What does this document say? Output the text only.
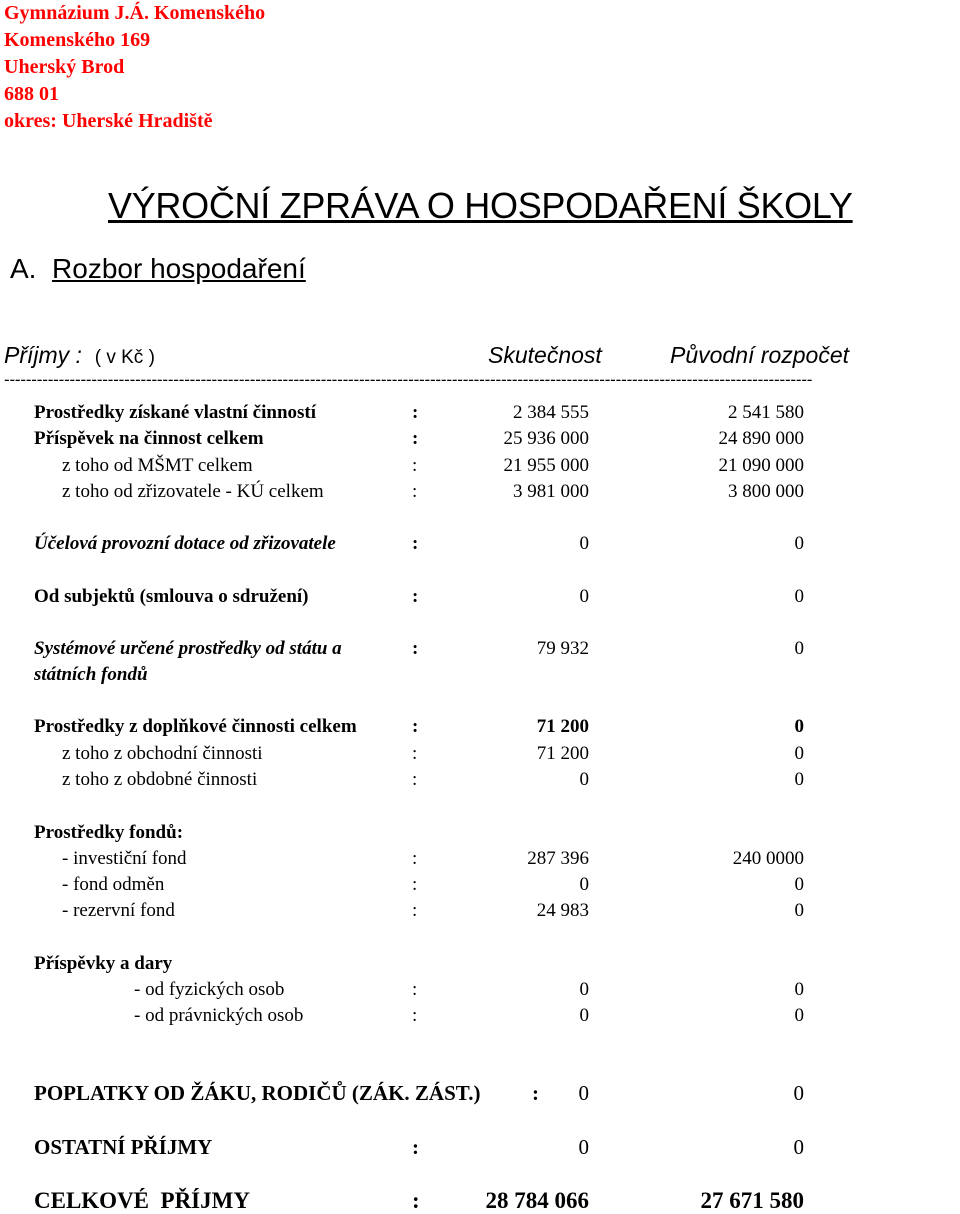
Gymnázium J.Á. Komenského
Komenského 169
Uherský Brod
688 01
okres: Uherské Hradiště
VÝROČNÍ ZPRÁVA O HOSPODAŘENÍ ŠKOLY
A. Rozbor hospodaření
Příjmy : ( v Kč )	Skutečnost	Původní rozpočet
----------------------------------------------------------------------------------------------------------------------------------------------------
Prostředky získané vlastní činností	:	2 384 555	2 541 580
Příspěvek na činnost celkem	:	25 936 000	24 890 000
z toho od MŠMT celkem	:	21 955 000	21 090 000
z toho od zřizovatele - KÚ celkem	:	3 981 000	3 800 000
Účelová provozní dotace od zřizovatele	:	0	0
Od subjektů (smlouva o sdružení)	:	0	0
Systémové určené prostředky od státu a	:	79 932	0
státních fondů
Prostředky z doplňkové činnosti celkem	:	71 200	0
z toho z obchodní činnosti	:	71 200	0
z toho z obdobné činnosti	:	0	0
Prostředky fondů:
- investiční fond	:	287 396	240 0000
- fond odměn	:	0	0
- rezervní fond	:	24 983	0
Příspěvky a dary
- od fyzických osob	:	0	0
- od právnických osob	:	0	0
POPLATKY OD ŽÁKU, RODIČŮ (ZÁK. ZÁST.) : 0	0
OSTATNÍ PŘÍJMY	:	0	0
CELKOVÉ  PŘÍJMY	:	28 784 066	27 671 580
